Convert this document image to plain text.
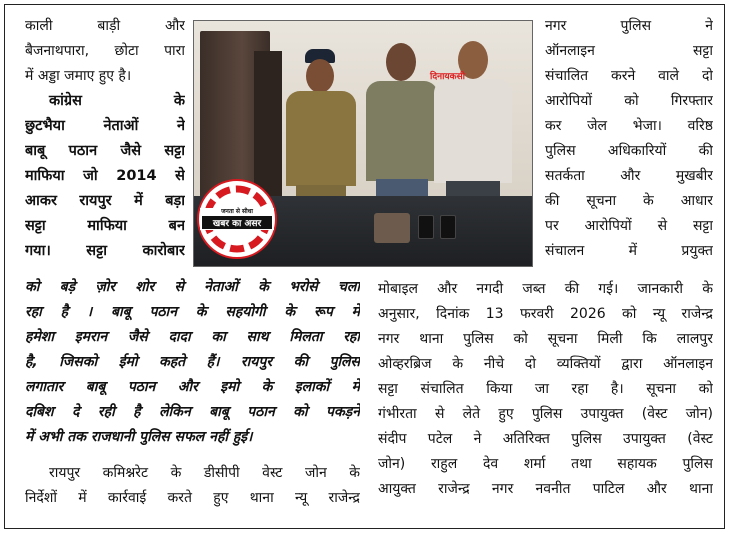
काली बाड़ी और
बैजनाथपारा, छोटा पारा
में अड्डा जमाए हुए है।
कांग्रेस के
छुटभैया नेताओं ने
बाबू पठान जैसे सट्टा
माफिया जो 2014 से
आकर रायपुर में बड़ा
सट्टा माफिया बन
गया। सट्टा कारोबार
को बड़े ज़ोर शोर से नेताओं के भरोसे चला
रहा है । बाबू पठान के सहयोगी के रूप में
हमेशा इमरान जैसे दादा का साथ मिलता रहा
है, जिसको ईमो कहते हैं। रायपुर की पुलिस
लगातार बाबू पठान और इमो के इलाकों में
दबिश दे रही है लेकिन बाबू पठान को पकड़ने
में अभी तक राजधानी पुलिस सफल नहीं हुई।
रायपुर कमिश्नरेट के डीसीपी वेस्ट जोन के
निर्देशों में कार्रवाई करते हुए थाना न्यू राजेन्द्र
नगर पुलिस ने
ऑनलाइन सट्टा
संचालित करने वाले दो
आरोपियों को गिरफ्तार
कर जेल भेजा। वरिष्ठ
पुलिस अधिकारियों की
सतर्कता और मुखबीर
की सूचना के आधार
पर आरोपियों से सट्टा
संचालन में प्रयुक्त
मोबाइल और नगदी जब्त की गई। जानकारी के
अनुसार, दिनांक 13 फरवरी 2026 को न्यू राजेन्द्र
नगर थाना पुलिस को सूचना मिली कि लालपुर
ओव्हरब्रिज के नीचे दो व्यक्तियों द्वारा ऑनलाइन
सट्टा संचालित किया जा रहा है। सूचना को
गंभीरता से लेते हुए पुलिस उपायुक्त (वेस्ट जोन)
संदीप पटेल ने अतिरिक्त पुलिस उपायुक्त (वेस्ट
जोन) राहुल देव शर्मा तथा सहायक पुलिस
आयुक्त राजेन्द्र नगर नवनीत पाटिल और थाना
दिनायकसी
जनता से सीधा
खबर का असर
